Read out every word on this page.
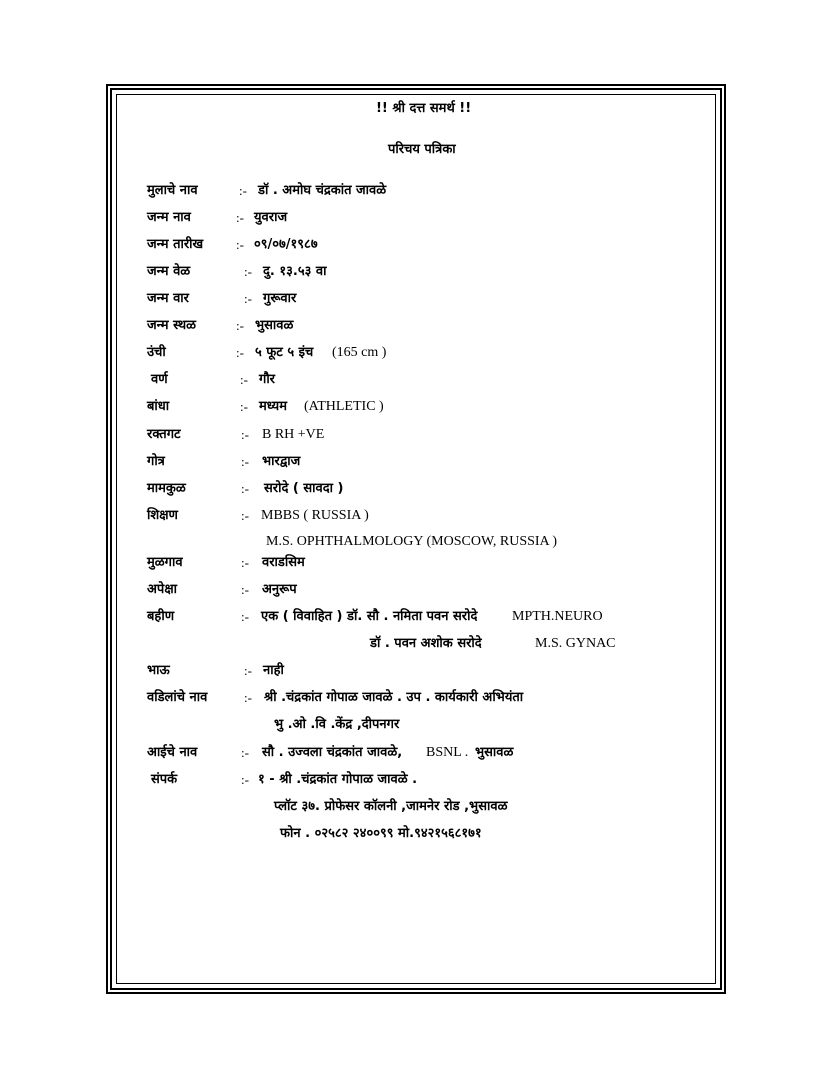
!! श्री दत्त समर्थ !!
परिचय पत्रिका
मुलाचे नाव	:- डॉ . अमोघ चंद्रकांत जावळे
जन्म नाव	:- युवराज
जन्म तारीख	:- ०९/०७/१९८७
जन्म वेळ	:- दु. १३.५३ वा
जन्म वार	:- गुरूवार
जन्म स्थळ	:- भुसावळ
उंची	:- ५ फूट ५ इंच (165 cm )
वर्ण	:- गौर
बांधा	:- मध्यम (ATHLETIC )
रक्तगट	:- B RH +VE
गोत्र	:- भारद्वाज
मामकुळ	:- सरोदे ( सावदा )
शिक्षण	:- MBBS ( RUSSIA )
M.S. OPHTHALMOLOGY (MOSCOW, RUSSIA )
मुळगाव	:- वराडसिम
अपेक्षा	:- अनुरूप
बहीण	:- एक ( विवाहित ) डॉ. सौ . नमिता पवन सरोदे MPTH.NEURO
डॉ . पवन अशोक सरोदे	M.S. GYNAC
भाऊ	:- नाही
वडिलांचे नाव	:- श्री .चंद्रकांत गोपाळ जावळे . उप . कार्यकारी अभियंता
भु .ओ .वि .केंद्र ,दीपनगर
आईचे नाव	:- सौ . उज्वला चंद्रकांत जावळे, BSNL . भुसावळ
संपर्क	:- १ - श्री .चंद्रकांत गोपाळ जावळे .
प्लॉट ३७. प्रोफेसर कॉलनी ,जामनेर रोड ,भुसावळ
फोन . ०२५८२ २४००९९ मो.९४२१५६८१७१
